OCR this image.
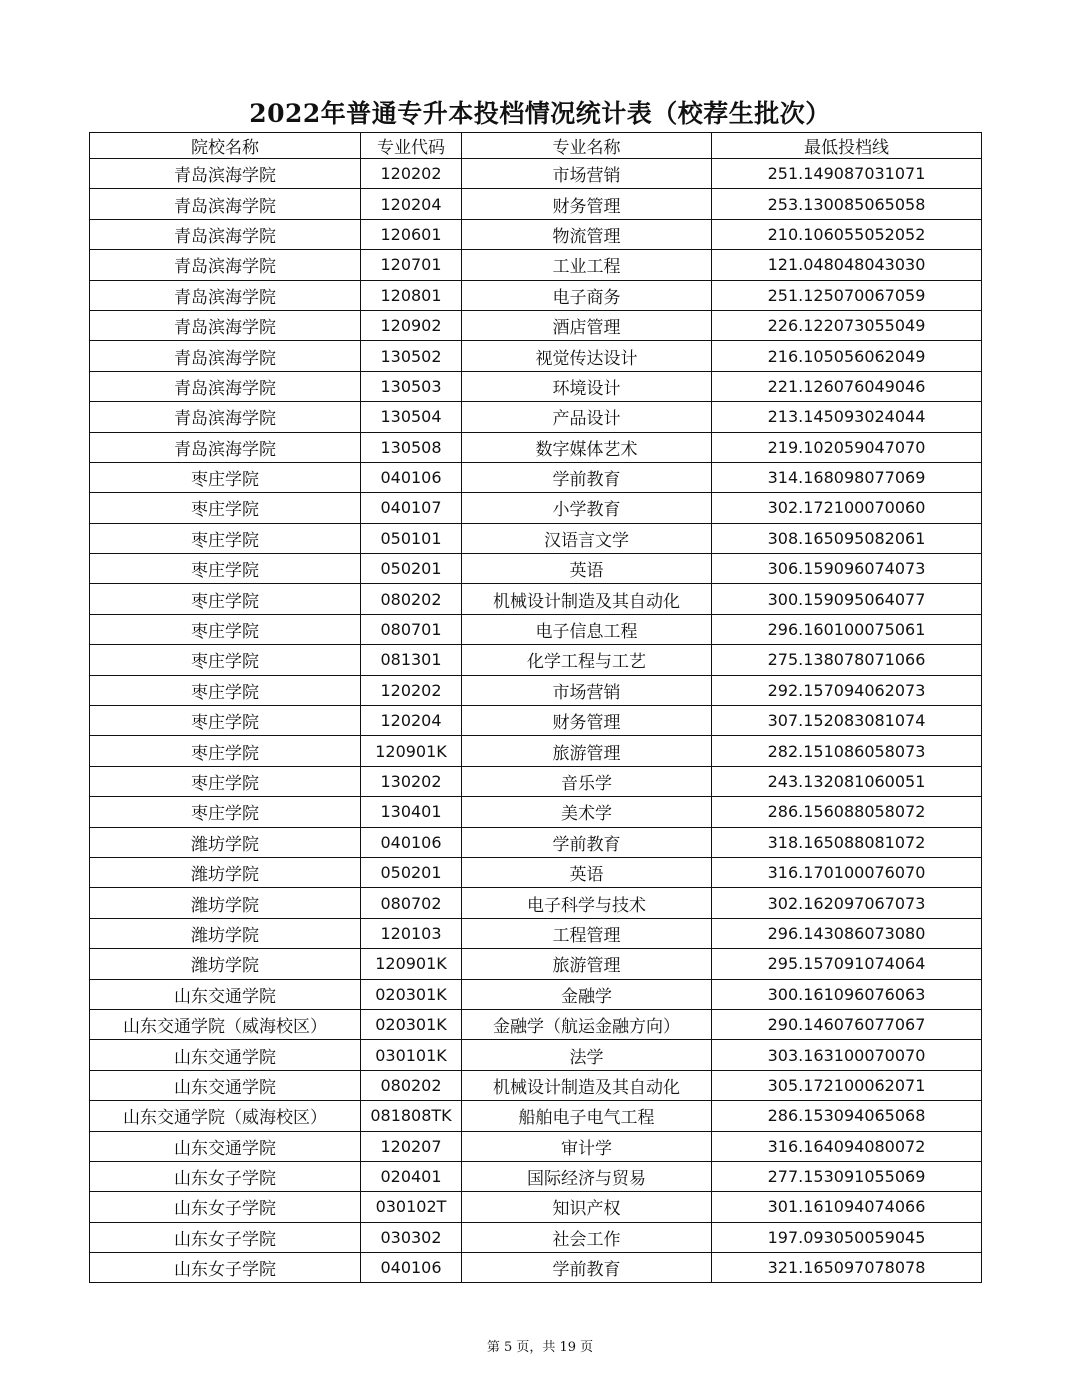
2022年普通专升本投档情况统计表（校荐生批次）
院校名称	专业代码	专业名称	最低投档线
青岛滨海学院	120202	市场营销	251.149087031071
青岛滨海学院	120204	财务管理	253.130085065058
青岛滨海学院	120601	物流管理	210.106055052052
青岛滨海学院	120701	工业工程	121.048048043030
青岛滨海学院	120801	电子商务	251.125070067059
青岛滨海学院	120902	酒店管理	226.122073055049
青岛滨海学院	130502	视觉传达设计	216.105056062049
青岛滨海学院	130503	环境设计	221.126076049046
青岛滨海学院	130504	产品设计	213.145093024044
青岛滨海学院	130508	数字媒体艺术	219.102059047070
枣庄学院	040106	学前教育	314.168098077069
枣庄学院	040107	小学教育	302.172100070060
枣庄学院	050101	汉语言文学	308.165095082061
枣庄学院	050201	英语	306.159096074073
枣庄学院	080202	机械设计制造及其自动化	300.159095064077
枣庄学院	080701	电子信息工程	296.160100075061
枣庄学院	081301	化学工程与工艺	275.138078071066
枣庄学院	120202	市场营销	292.157094062073
枣庄学院	120204	财务管理	307.152083081074
枣庄学院	120901K	旅游管理	282.151086058073
枣庄学院	130202	音乐学	243.132081060051
枣庄学院	130401	美术学	286.156088058072
潍坊学院	040106	学前教育	318.165088081072
潍坊学院	050201	英语	316.170100076070
潍坊学院	080702	电子科学与技术	302.162097067073
潍坊学院	120103	工程管理	296.143086073080
潍坊学院	120901K	旅游管理	295.157091074064
山东交通学院	020301K	金融学	300.161096076063
山东交通学院（威海校区）	020301K	金融学（航运金融方向）	290.146076077067
山东交通学院	030101K	法学	303.163100070070
山东交通学院	080202	机械设计制造及其自动化	305.172100062071
山东交通学院（威海校区）	081808TK	船舶电子电气工程	286.153094065068
山东交通学院	120207	审计学	316.164094080072
山东女子学院	020401	国际经济与贸易	277.153091055069
山东女子学院	030102T	知识产权	301.161094074066
山东女子学院	030302	社会工作	197.093050059045
山东女子学院	040106	学前教育	321.165097078078
第 5 页，共 19 页
